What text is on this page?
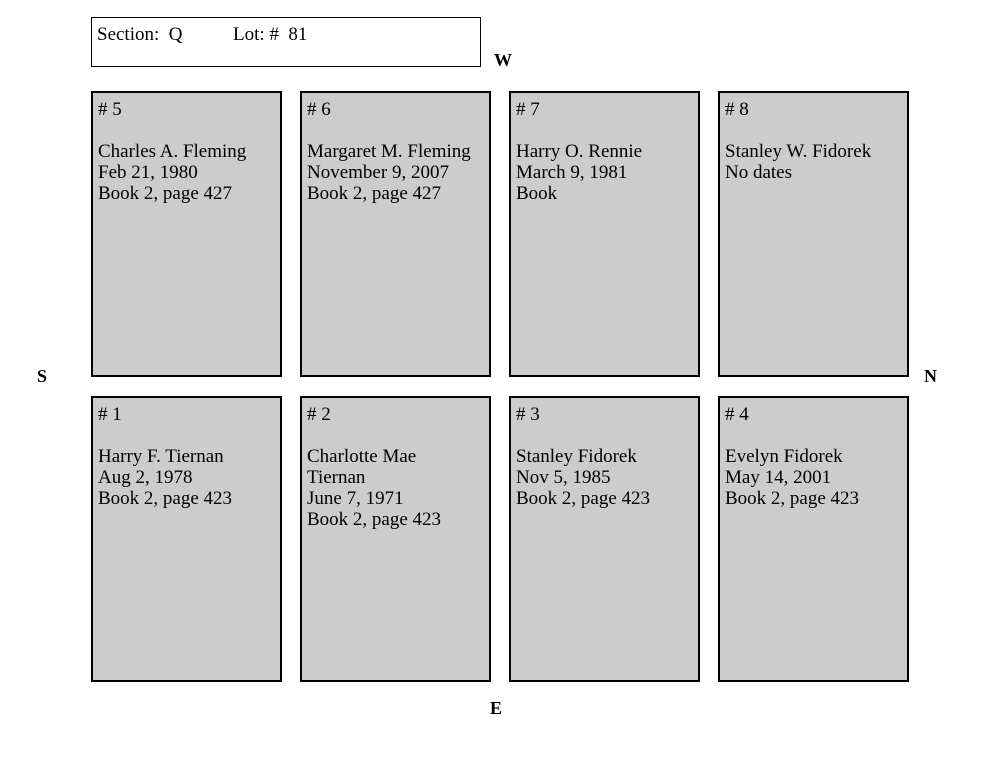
Section:  Q	Lot: #  81
W
E
S	N
# 5
Charles A. Fleming
Feb 21, 1980
Book 2, page 427
# 6
Margaret M. Fleming
November 9, 2007
Book 2, page 427
# 7
Harry O. Rennie
March 9, 1981
Book
# 8
Stanley W. Fidorek
No dates
# 1
Harry F. Tiernan
Aug 2, 1978
Book 2, page 423
# 2
Charlotte Mae
Tiernan
June 7, 1971
Book 2, page 423
# 3
Stanley Fidorek
Nov 5, 1985
Book 2, page 423
# 4
Evelyn Fidorek
May 14, 2001
Book 2, page 423
